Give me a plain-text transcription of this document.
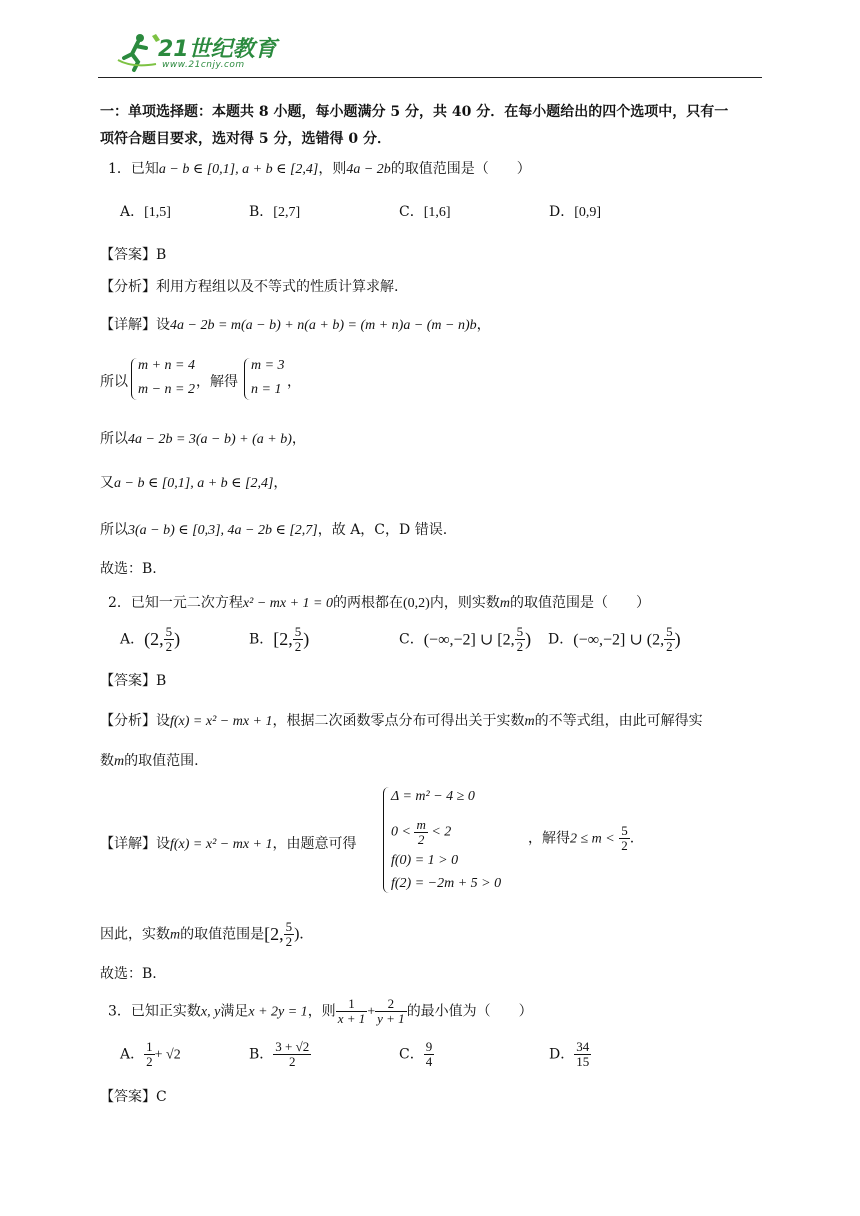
21世纪教育
www.21cnjy.com
一：单项选择题：本题共 8 小题，每小题满分 5 分，共 40 分．在每小题给出的四个选项中，只有一
项符合题目要求，选对得 5 分，选错得 0 分．
1．已知a − b ∈ [0,1], a + b ∈ [2,4]，则4a − 2b的取值范围是（　　）
A．[1,5]	B．[2,7]	C．[1,6]	D．[0,9]
【答案】B
【分析】利用方程组以及不等式的性质计算求解.
【详解】设4a − 2b = m(a − b) + n(a + b) = (m + n)a − (m − n)b，
所以
m + n = 4
m − n = 2 ，解得
m = 3
n = 1 ，
所以4a − 2b = 3(a − b) + (a + b)，
又a − b ∈ [0,1], a + b ∈ [2,4]，
所以3(a − b) ∈ [0,3], 4a − 2b ∈ [2,7]，故 A，C，D 错误.
故选：B.
2．已知一元二次方程x² − mx + 1 = 0的两根都在(0,2)内，则实数m的取值范围是（　　）
A．(2, $\frac{5}{2}$ )	B．[2, $\frac{5}{2}$ )	C．(−∞,−2] ∪ [2, $\frac{5}{2}$ ) D．(−∞,−2] ∪ (2, $\frac{5}{2}$ )
【答案】B
【分析】设f(x) = x² − mx + 1，根据二次函数零点分布可得出关于实数m的不等式组，由此可解得实
数m的取值范围.
【详解】设f(x) = x² − mx + 1，由题意可得
Δ = m² − 4 ≥ 0
$0 < \frac{m}{2} < 2$
f(0) = 1 > 0
f(2) = −2m + 5 > 0
，解得$2 \le m < \frac{5}{2}$ .
因此，实数m的取值范围是[2, $\frac{5}{2}$ ).
故选：B.
3．已知正实数x, y满足x + 2y = 1，则 $\frac{1}{x + 1} + \frac{2}{y + 1}$ 的最小值为（　　）
A． $\frac{1}{2} + √2$	B． $\frac{3 + √2}{2}$	C． $\frac{9}{4}$	D． $\frac{34}{15}$
【答案】C
